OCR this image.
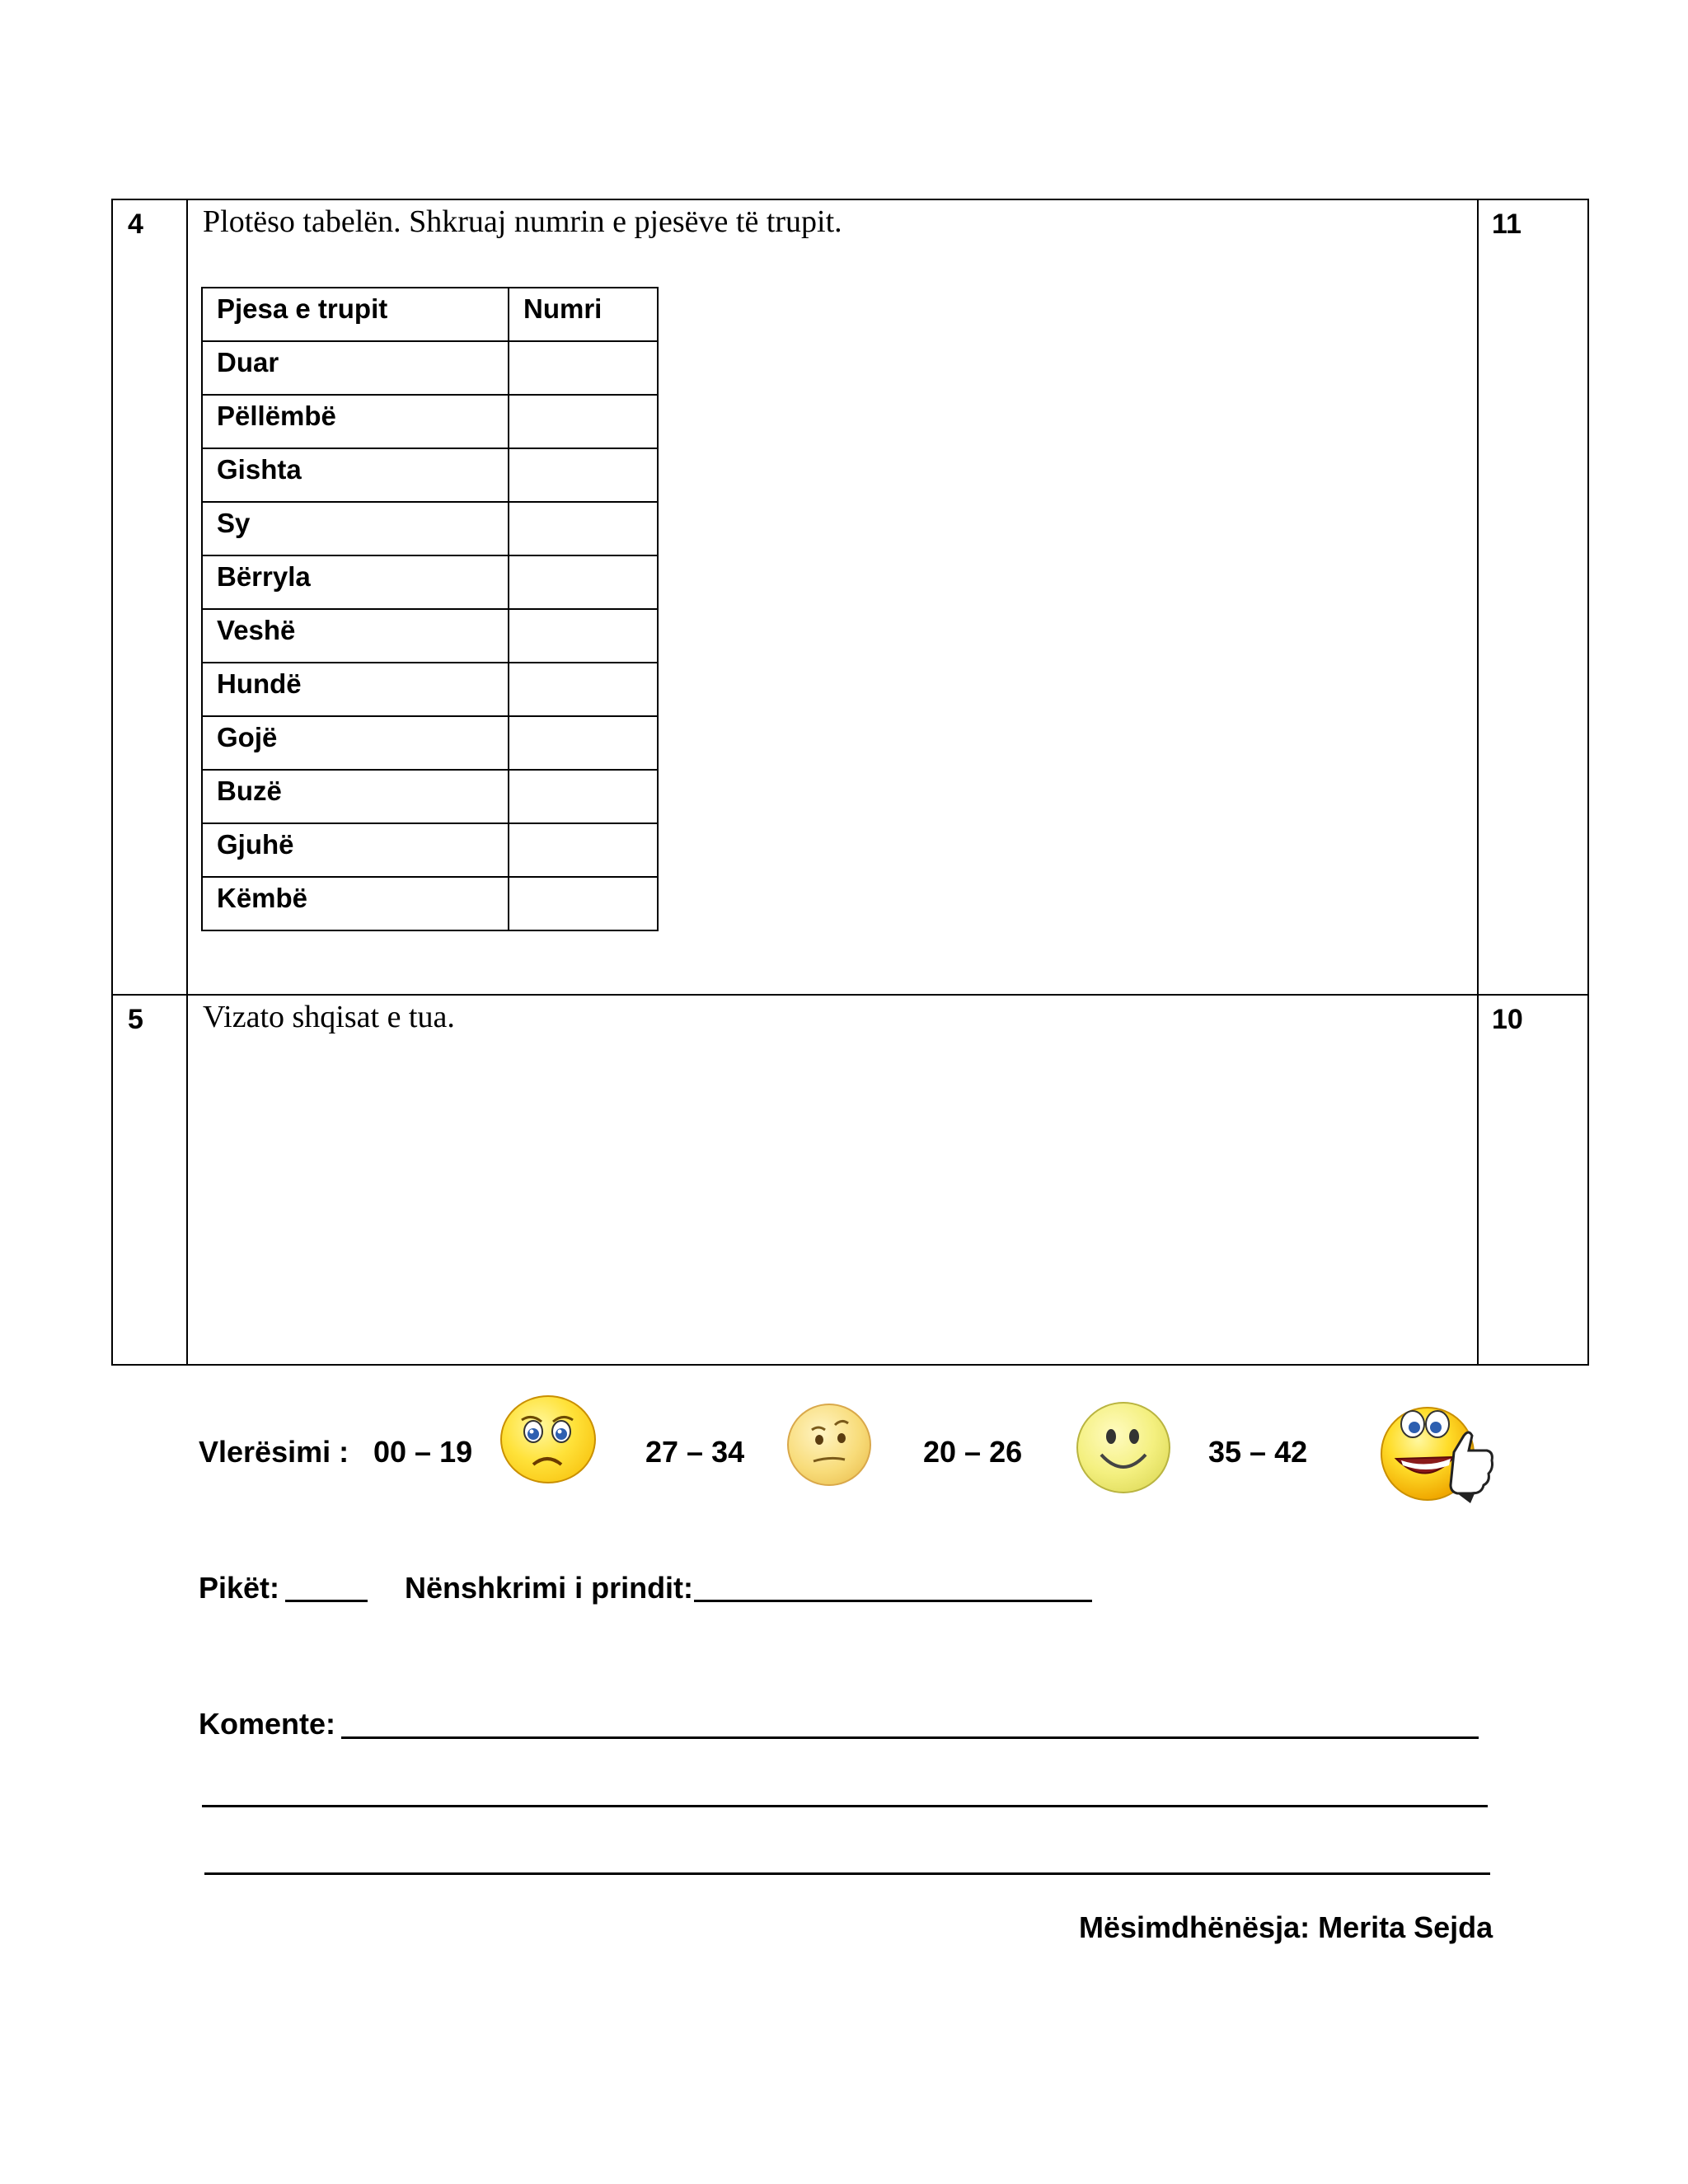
4 Plotëso tabelën. Shkruaj numrin e pjesëve të trupit.	11
5 Vizato shqisat e tua.	10
Pjesa e trupit	Numri
Duar	
Pëllëmbë	
Gishta	
Sy	
Bërryla	
Veshë	
Hundë	
Gojë	
Buzë	
Gjuhë	
Këmbë	
Vlerësimi : 00 – 19	27 – 34	20 – 26	35 – 42
Pikët:	Nënshkrimi i prindit:
Komente:
Mësimdhënësja: Merita Sejda
